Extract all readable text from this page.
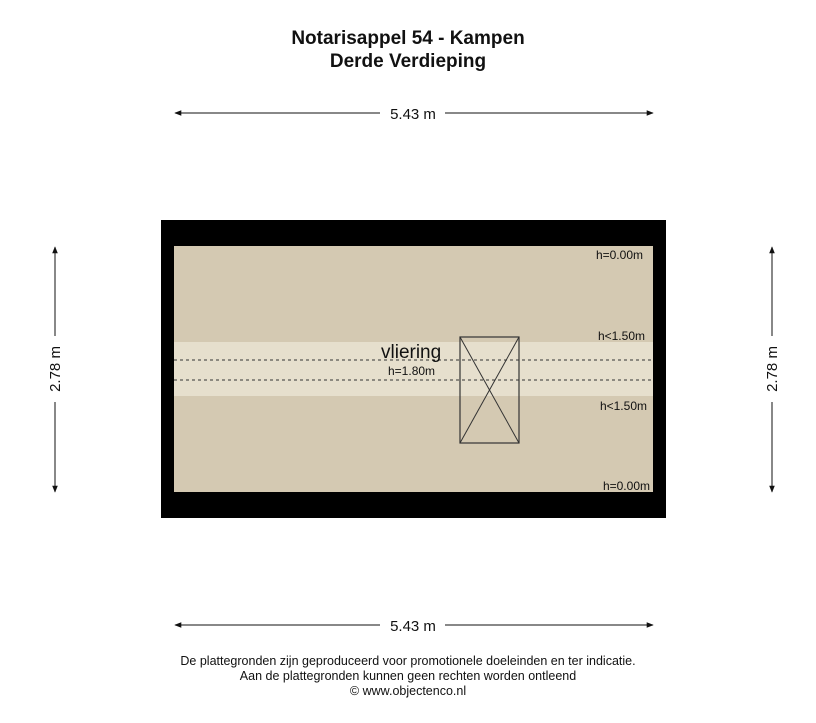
Notarisappel 54 - Kampen
Derde Verdieping
5.43 m
5.43 m
2.78 m	2.78 m
vliering
h=1.80m
h=0.00m
h<1.50m
h<1.50m
h=0.00m
De plattegronden zijn geproduceerd voor promotionele doeleinden en ter indicatie.
Aan de plattegronden kunnen geen rechten worden ontleend
© www.objectenco.nl
